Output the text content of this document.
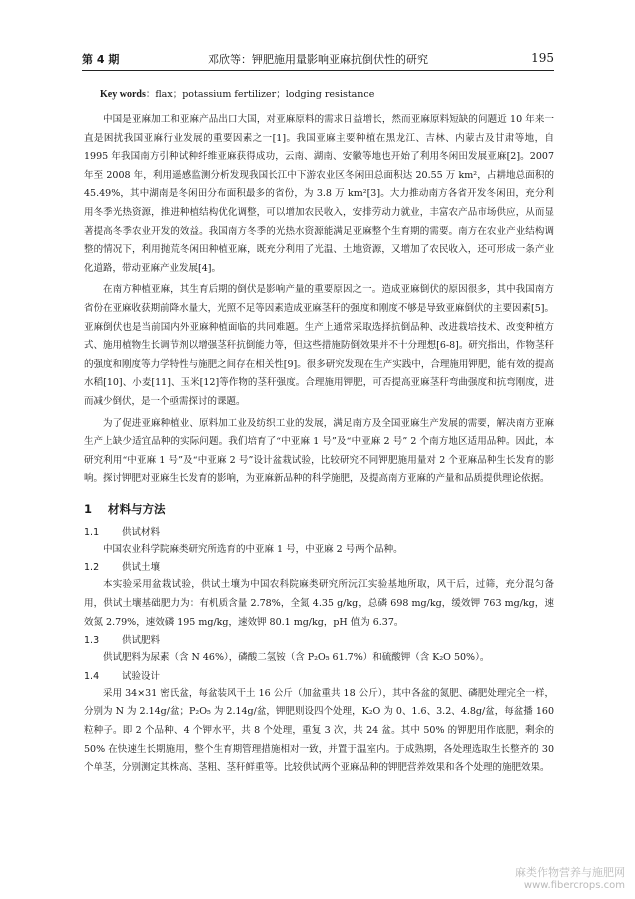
第 4 期	邓欣等：钾肥施用量影响亚麻抗倒伏性的研究	195
Key words：flax；potassium fertilizer；lodging resistance

中国是亚麻加工和亚麻产品出口大国，对亚麻原料的需求日益增长，然而亚麻原料短缺的问题近 10 年来一直是困扰我国亚麻行业发展的重要因素之一[1]。我国亚麻主要种植在黑龙江、吉林、内蒙古及甘肃等地，自 1995 年我国南方引种试种纤维亚麻获得成功，云南、湖南、安徽等地也开始了利用冬闲田发展亚麻[2]。2007 年至 2008 年，利用遥感监测分析发现我国长江中下游农业区冬闲田总面积达 20.55 万 km²，占耕地总面积的 45.49%，其中湖南是冬闲田分布面积最多的省份，为 3.8 万 km²[3]。大力推动南方各省开发冬闲田，充分利用冬季光热资源，推进种植结构优化调整，可以增加农民收入，安排劳动力就业，丰富农产品市场供应，从而显著提高冬季农业开发的效益。我国南方冬季的光热水资源能满足亚麻整个生育期的需要。南方在农业产业结构调整的情况下，利用抛荒冬闲田种植亚麻，既充分利用了光温、土地资源，又增加了农民收入，还可形成一条产业化道路，带动亚麻产业发展[4]。

在南方种植亚麻，其生育后期的倒伏是影响产量的重要原因之一。造成亚麻倒伏的原因很多，其中我国南方省份在亚麻收获期前降水量大，光照不足等因素造成亚麻茎秆的强度和刚度不够是导致亚麻倒伏的主要因素[5]。亚麻倒伏也是当前国内外亚麻种植面临的共同难题。生产上通常采取选择抗倒品种、改进栽培技术、改变种植方式、施用植物生长调节剂以增强茎秆抗倒能力等，但这些措施防倒效果并不十分理想[6-8]。研究指出，作物茎秆的强度和刚度等力学特性与施肥之间存在相关性[9]。很多研究发现在生产实践中，合理施用钾肥，能有效的提高水稻[10]、小麦[11]、玉米[12]等作物的茎秆强度。合理施用钾肥，可否提高亚麻茎秆弯曲强度和抗弯刚度，进而减少倒伏，是一个亟需探讨的课题。

为了促进亚麻种植业、原料加工业及纺织工业的发展，满足南方及全国亚麻生产发展的需要，解决南方亚麻生产上缺少适宜品种的实际问题。我们培育了“中亚麻 1 号”及“中亚麻 2 号” 2 个南方地区适用品种。因此，本研究利用“中亚麻 1 号”及“中亚麻 2 号”设计盆栽试验，比较研究不同钾肥施用量对 2 个亚麻品种生长发育的影响。探讨钾肥对亚麻生长发育的影响，为亚麻新品种的科学施肥，及提高南方亚麻的产量和品质提供理论依据。

1 材料与方法
1.1 供试材料

中国农业科学院麻类研究所选育的中亚麻 1 号，中亚麻 2 号两个品种。

1.2 供试土壤

本实验采用盆栽试验，供试土壤为中国农科院麻类研究所沅江实验基地所取，风干后，过筛，充分混匀备用，供试土壤基础肥力为：有机质含量 2.78%，全氮 4.35 g/kg，总磷 698 mg/kg，缓效钾 763 mg/kg，速效氮 2.79%，速效磷 195 mg/kg，速效钾 80.1 mg/kg，pH 值为 6.37。

1.3 供试肥料

供试肥料为尿素（含 N 46%），磷酸二氢铵（含 P₂O₅ 61.7%）和硫酸钾（含 K₂O 50%）。

1.4 试验设计

采用 34×31 密氏盆，每盆装风干土 16 公斤（加盆重共 18 公斤），其中各盆的氮肥、磷肥处理完全一样，分别为 N 为 2.14g/盆；P₂O₅ 为 2.14g/盆，钾肥则设四个处理，K₂O 为 0、1.6、3.2、4.8g/盆，每盆播 160 粒种子。即 2 个品种、4 个钾水平，共 8 个处理，重复 3 次，共 24 盆。其中 50% 的钾肥用作底肥，剩余的 50% 在快速生长期施用，整个生育期管理措施相对一致，并置于温室内。于成熟期，各处理选取生长整齐的 30 个单茎，分别测定其株高、茎粗、茎秆鲜重等。比较供试两个亚麻品种的钾肥营养效果和各个处理的施肥效果。

麻类作物营养与施肥网
www.fibercrops.com
